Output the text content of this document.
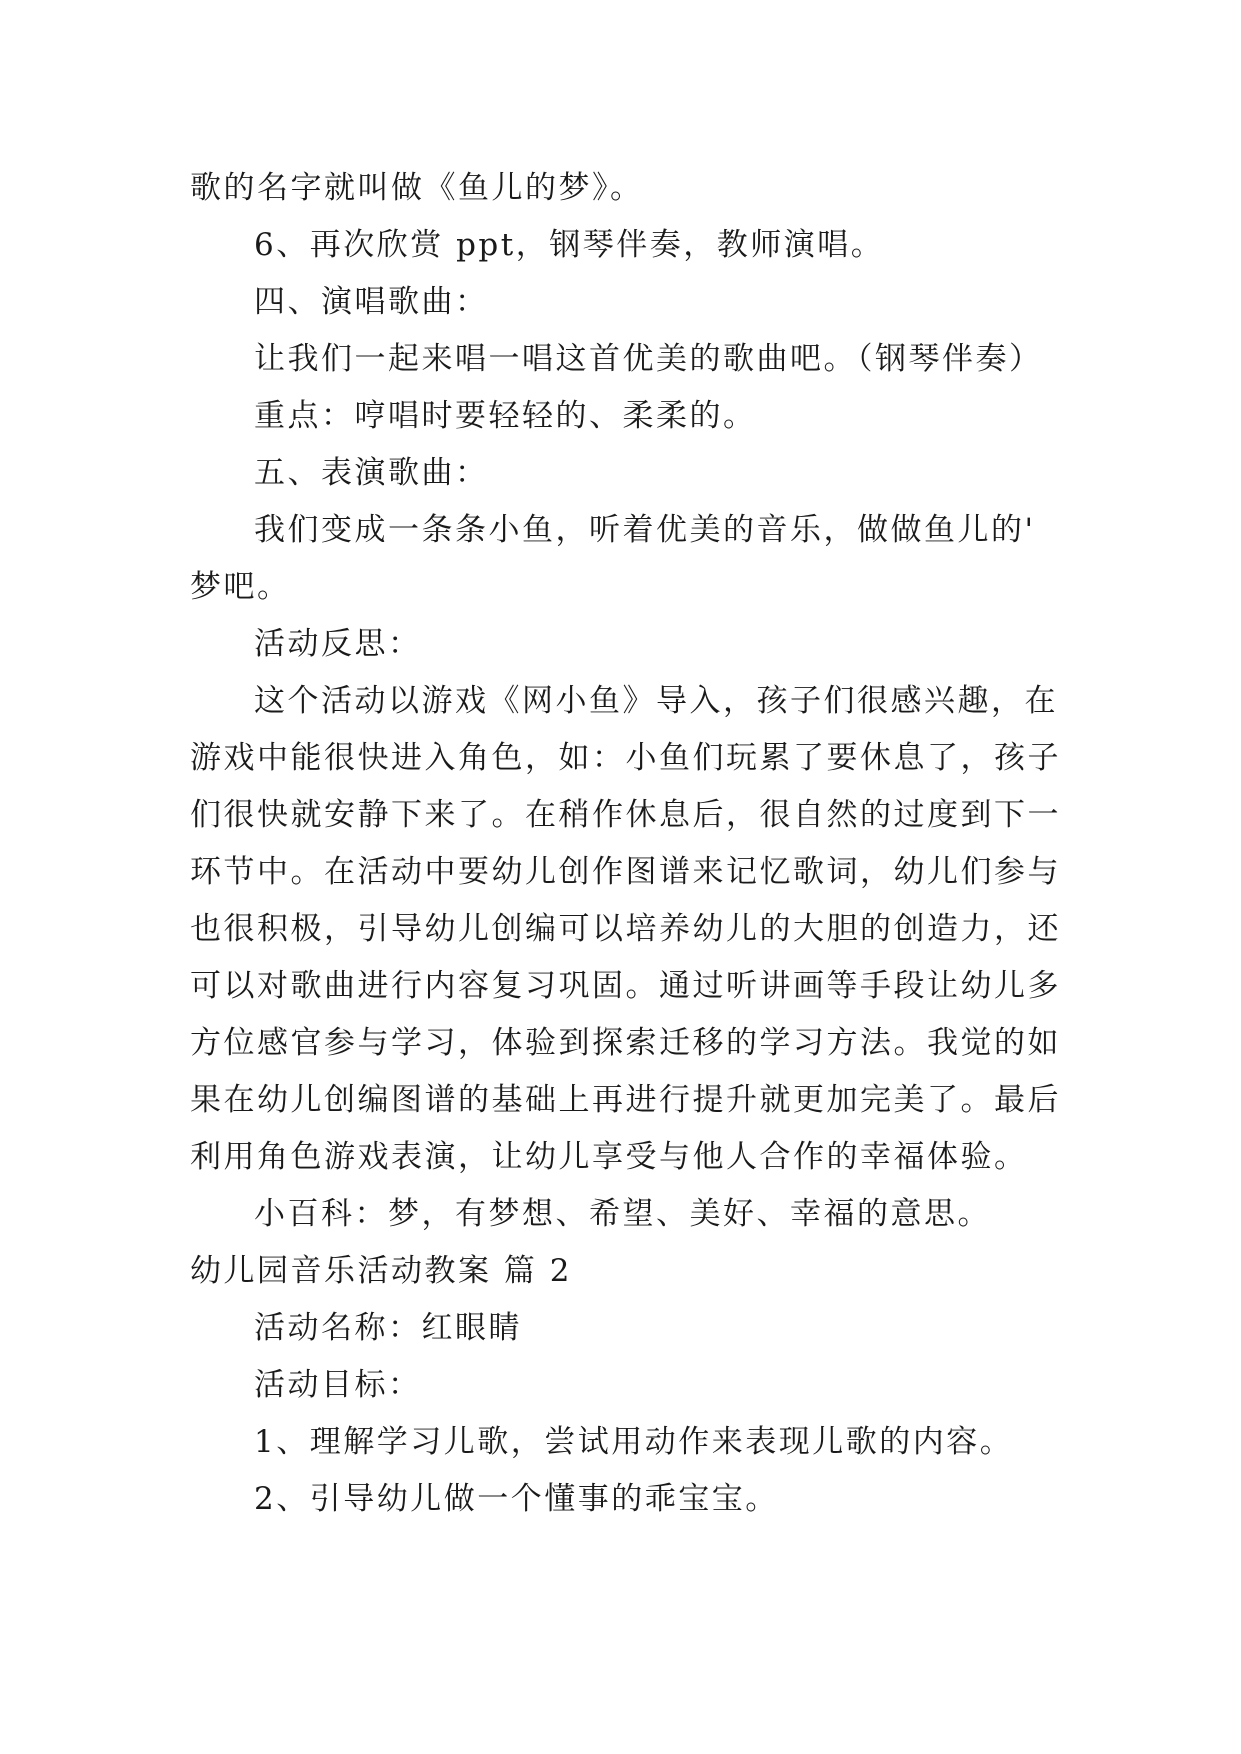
歌的名字就叫做《鱼儿的梦》。
6、再次欣赏 ppt，钢琴伴奏，教师演唱。
四、演唱歌曲：
让我们一起来唱一唱这首优美的歌曲吧。（钢琴伴奏）
重点：哼唱时要轻轻的、柔柔的。
五、表演歌曲：
我们变成一条条小鱼，听着优美的音乐，做做鱼儿的'
梦吧。
活动反思：
这个活动以游戏《网小鱼》导入，孩子们很感兴趣，在
游戏中能很快进入角色，如：小鱼们玩累了要休息了，孩子
们很快就安静下来了。在稍作休息后，很自然的过度到下一
环节中。在活动中要幼儿创作图谱来记忆歌词，幼儿们参与
也很积极，引导幼儿创编可以培养幼儿的大胆的创造力，还
可以对歌曲进行内容复习巩固。通过听讲画等手段让幼儿多
方位感官参与学习，体验到探索迁移的学习方法。我觉的如
果在幼儿创编图谱的基础上再进行提升就更加完美了。最后
利用角色游戏表演，让幼儿享受与他人合作的幸福体验。
小百科：梦，有梦想、希望、美好、幸福的意思。
幼儿园音乐活动教案 篇 2
活动名称：红眼睛
活动目标：
1、理解学习儿歌，尝试用动作来表现儿歌的内容。
2、引导幼儿做一个懂事的乖宝宝。
